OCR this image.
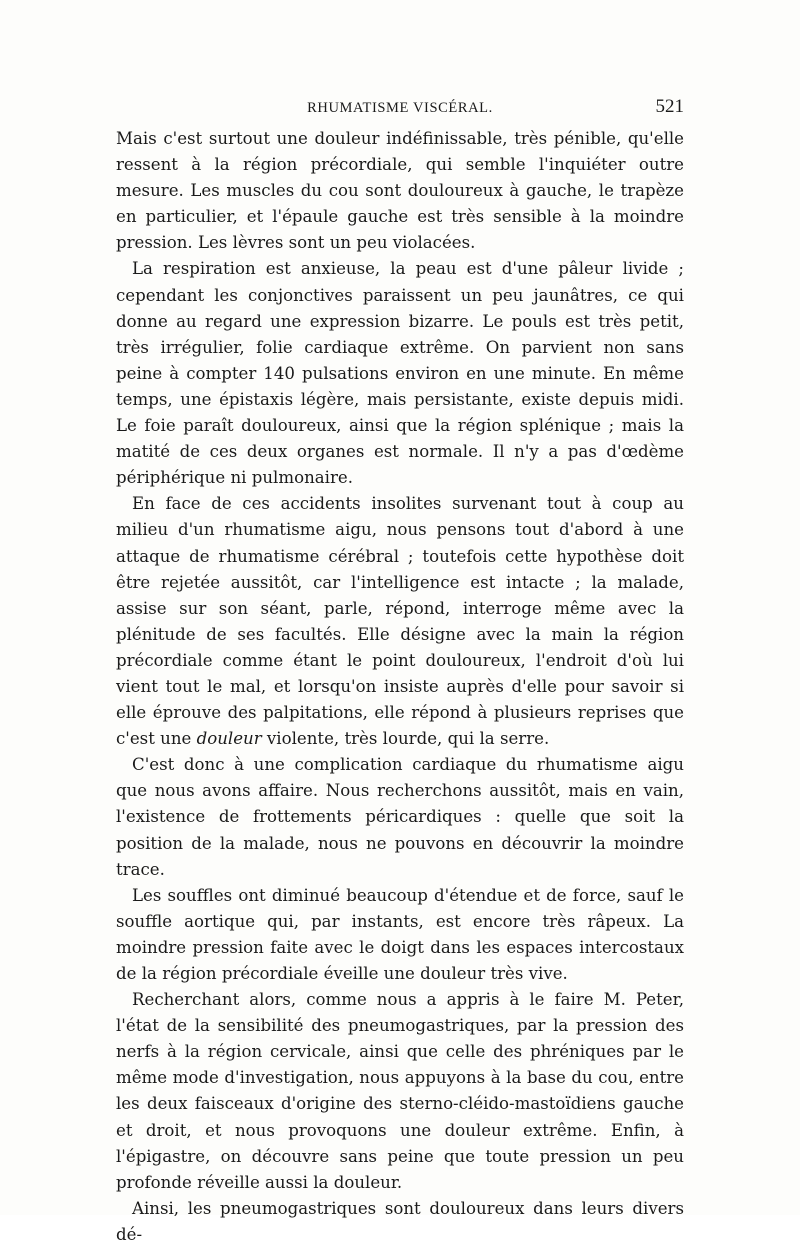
RHUMATISME VISCÉRAL.	521

Mais c'est surtout une douleur indéfinissable, très pénible, qu'elle ressent à la région précordiale, qui semble l'inquiéter outre mesure. Les muscles du cou sont douloureux à gauche, le trapèze en particulier, et l'épaule gauche est très sensible à la moindre pression. Les lèvres sont un peu violacées.

La respiration est anxieuse, la peau est d'une pâleur livide ; cependant les conjonctives paraissent un peu jaunâtres, ce qui donne au regard une expression bizarre. Le pouls est très petit, très irrégulier, folie cardiaque extrême. On parvient non sans peine à compter 140 pulsations environ en une minute. En même temps, une épistaxis légère, mais persistante, existe depuis midi. Le foie paraît douloureux, ainsi que la région splénique ; mais la matité de ces deux organes est normale. Il n'y a pas d'œdème périphérique ni pulmonaire.

En face de ces accidents insolites survenant tout à coup au milieu d'un rhumatisme aigu, nous pensons tout d'abord à une attaque de rhumatisme cérébral ; toutefois cette hypothèse doit être rejetée aussitôt, car l'intelligence est intacte ; la malade, assise sur son séant, parle, répond, interroge même avec la plénitude de ses facultés. Elle désigne avec la main la région précordiale comme étant le point douloureux, l'endroit d'où lui vient tout le mal, et lorsqu'on insiste auprès d'elle pour savoir si elle éprouve des palpitations, elle répond à plusieurs reprises que c'est une douleur violente, très lourde, qui la serre.

C'est donc à une complication cardiaque du rhumatisme aigu que nous avons affaire. Nous recherchons aussitôt, mais en vain, l'existence de frottements péricardiques : quelle que soit la position de la malade, nous ne pouvons en découvrir la moindre trace.

Les souffles ont diminué beaucoup d'étendue et de force, sauf le souffle aortique qui, par instants, est encore très râpeux. La moindre pression faite avec le doigt dans les espaces intercostaux de la région précordiale éveille une douleur très vive.

Recherchant alors, comme nous a appris à le faire M. Peter, l'état de la sensibilité des pneumogastriques, par la pression des nerfs à la région cervicale, ainsi que celle des phréniques par le même mode d'investigation, nous appuyons à la base du cou, entre les deux faisceaux d'origine des sterno-cléido-mastoïdiens gauche et droit, et nous provoquons une douleur extrême. Enfin, à l'épigastre, on découvre sans peine que toute pression un peu profonde réveille aussi la douleur.

Ainsi, les pneumogastriques sont douloureux dans leurs divers dé-
